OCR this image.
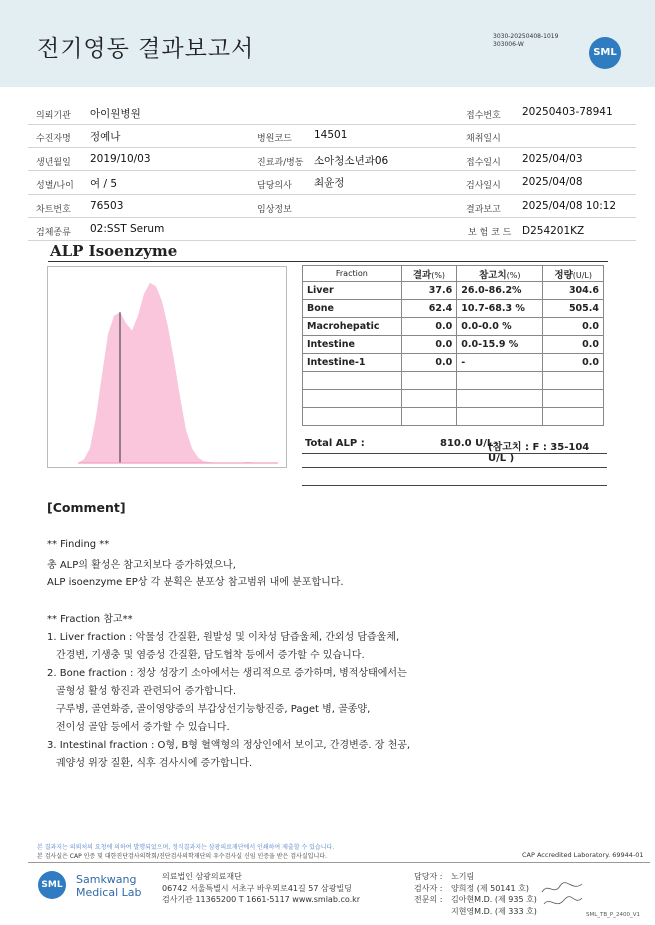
전기영동 결과보고서	3030-20250408-1019
303006-W
SML
의뢰기관 아이원병원	접수번호 20250403-78941
수진자명 정예나	병원코드 14501	채취일시
생년월일 2019/10/03	진료과/병동 소아청소년과06	접수일시 2025/04/03
성별/나이 여 / 5	담당의사 최윤정	검사일시 2025/04/08
차트번호 76503	임상정보	결과보고 2025/04/08 10:12
검체종류 02:SST Serum	보 험 코 드 D254201KZ
ALP Isoenzyme
Fraction	결과(%)	참고치(%)	정량(U/L)
Liver	37.6	26.0-86.2%	304.6
Bone	62.4	10.7-68.3 %	505.4
Macrohepatic	0.0	0.0-0.0 %	0.0
Intestine	0.0	0.0-15.9 %	0.0
Intestine-1	0.0	-	0.0

Total ALP :	810.0 U/L
(참고치 : F : 35-104 U/L )
[Comment]
** Finding **
총 ALP의 활성은 참고치보다 증가하였으나,
ALP isoenzyme EP상 각 분획은 분포상 참고범위 내에 분포합니다.
** Fraction 참고**
1. Liver fraction : 악물성 간질환, 원발성 및 이차성 담즙울체, 간외성 담즙울체,
간경변, 기생충 및 염증성 간질환, 담도협착 등에서 증가할 수 있습니다.
2. Bone fraction : 정상 성장기 소아에서는 생리적으로 증가하며, 병적상태에서는
골형성 활성 항진과 관련되어 증가합니다.
구루병, 골연화증, 골이영양증의 부갑상선기능항진증, Paget 병, 골종양,
전이성 골암 등에서 증가할 수 있습니다.
3. Intestinal fraction : O형, B형 혈액형의 정상인에서 보이고, 간경변증. 장 천공,
궤양성 위장 질환, 식후 검사시에 증가합니다.
본 결과지는 의뢰처의 요청에 의하여 발행되었으며, 정식결과지는 삼광의료재단에서 인쇄하여 제출할 수 있습니다.
본 검사실은 CAP 인증 및 대한진단검사의학회/진단검사의학재단의 우수검사실 신임 인증을 받은 검사실입니다.	CAP Accredited Laboratory. 69944-01
SML	Samkwang
Medical Lab
의료법인 삼광의료재단
06742 서울특별시 서초구 바우뫼로41길 57 삼광빌딩
검사기관 11365200 T 1661-5117 www.smlab.co.kr
담당자 : 노기림
검사자 : 양희정 (제 50141 호)
전문의 : 김아현M.D. (제 935 호)
지현영M.D. (제 333 호)	SML_TB_P_2400_V1
